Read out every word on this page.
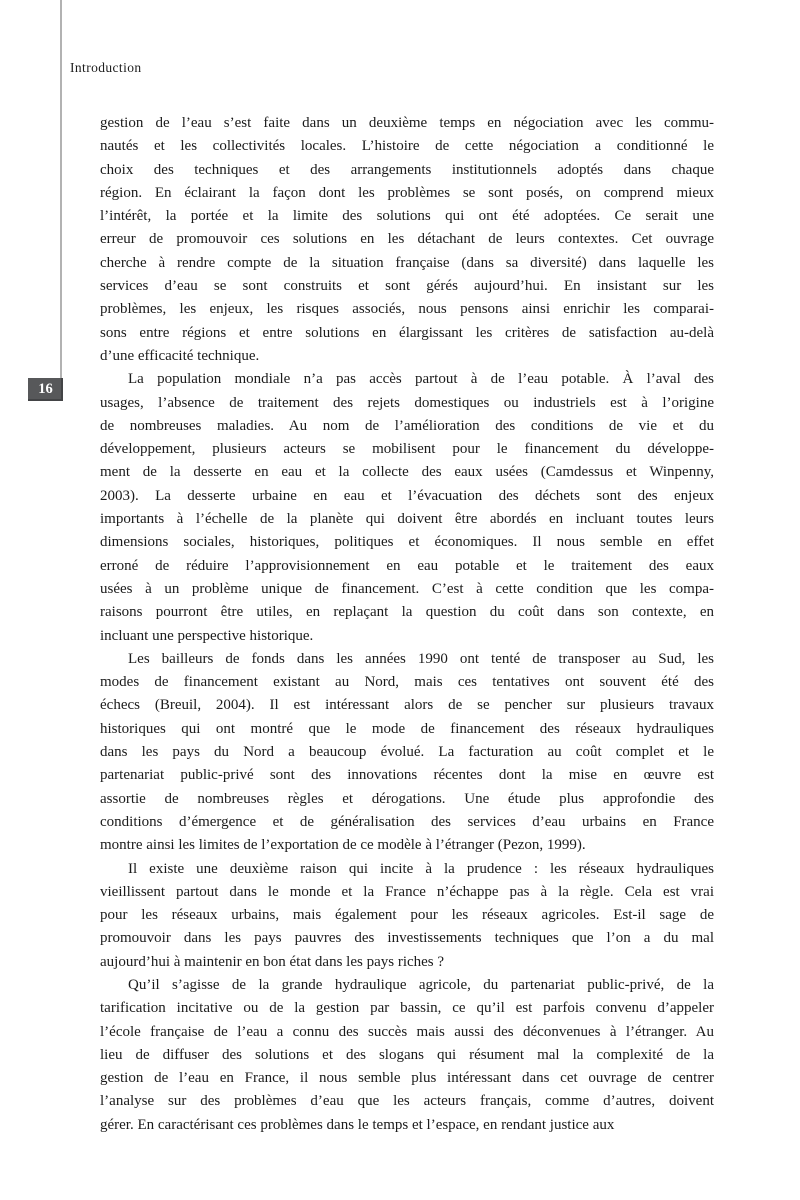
Introduction
16
gestion de l’eau s’est faite dans un deuxième temps en négociation avec les commu-
nautés et les collectivités locales. L’histoire de cette négociation a conditionné le
choix des techniques et des arrangements institutionnels adoptés dans chaque
région. En éclairant la façon dont les problèmes se sont posés, on comprend mieux
l’intérêt, la portée et la limite des solutions qui ont été adoptées. Ce serait une
erreur de promouvoir ces solutions en les détachant de leurs contextes. Cet ouvrage
cherche à rendre compte de la situation française (dans sa diversité) dans laquelle les
services d’eau se sont construits et sont gérés aujourd’hui. En insistant sur les
problèmes, les enjeux, les risques associés, nous pensons ainsi enrichir les comparai-
sons entre régions et entre solutions en élargissant les critères de satisfaction au-delà
d’une efficacité technique.
La population mondiale n’a pas accès partout à de l’eau potable. À l’aval des
usages, l’absence de traitement des rejets domestiques ou industriels est à l’origine
de nombreuses maladies. Au nom de l’amélioration des conditions de vie et du
développement, plusieurs acteurs se mobilisent pour le financement du développe-
ment de la desserte en eau et la collecte des eaux usées (Camdessus et Winpenny,
2003). La desserte urbaine en eau et l’évacuation des déchets sont des enjeux
importants à l’échelle de la planète qui doivent être abordés en incluant toutes leurs
dimensions sociales, historiques, politiques et économiques. Il nous semble en effet
erroné de réduire l’approvisionnement en eau potable et le traitement des eaux
usées à un problème unique de financement. C’est à cette condition que les compa-
raisons pourront être utiles, en replaçant la question du coût dans son contexte, en
incluant une perspective historique.
Les bailleurs de fonds dans les années 1990 ont tenté de transposer au Sud, les
modes de financement existant au Nord, mais ces tentatives ont souvent été des
échecs (Breuil, 2004). Il est intéressant alors de se pencher sur plusieurs travaux
historiques qui ont montré que le mode de financement des réseaux hydrauliques
dans les pays du Nord a beaucoup évolué. La facturation au coût complet et le
partenariat public-privé sont des innovations récentes dont la mise en œuvre est
assortie de nombreuses règles et dérogations. Une étude plus approfondie des
conditions d’émergence et de généralisation des services d’eau urbains en France
montre ainsi les limites de l’exportation de ce modèle à l’étranger (Pezon, 1999).
Il existe une deuxième raison qui incite à la prudence : les réseaux hydrauliques
vieillissent partout dans le monde et la France n’échappe pas à la règle. Cela est vrai
pour les réseaux urbains, mais également pour les réseaux agricoles. Est-il sage de
promouvoir dans les pays pauvres des investissements techniques que l’on a du mal
aujourd’hui à maintenir en bon état dans les pays riches ?
Qu’il s’agisse de la grande hydraulique agricole, du partenariat public-privé, de la
tarification incitative ou de la gestion par bassin, ce qu’il est parfois convenu d’appeler
l’école française de l’eau a connu des succès mais aussi des déconvenues à l’étranger. Au
lieu de diffuser des solutions et des slogans qui résument mal la complexité de la
gestion de l’eau en France, il nous semble plus intéressant dans cet ouvrage de centrer
l’analyse sur des problèmes d’eau que les acteurs français, comme d’autres, doivent
gérer. En caractérisant ces problèmes dans le temps et l’espace, en rendant justice aux
